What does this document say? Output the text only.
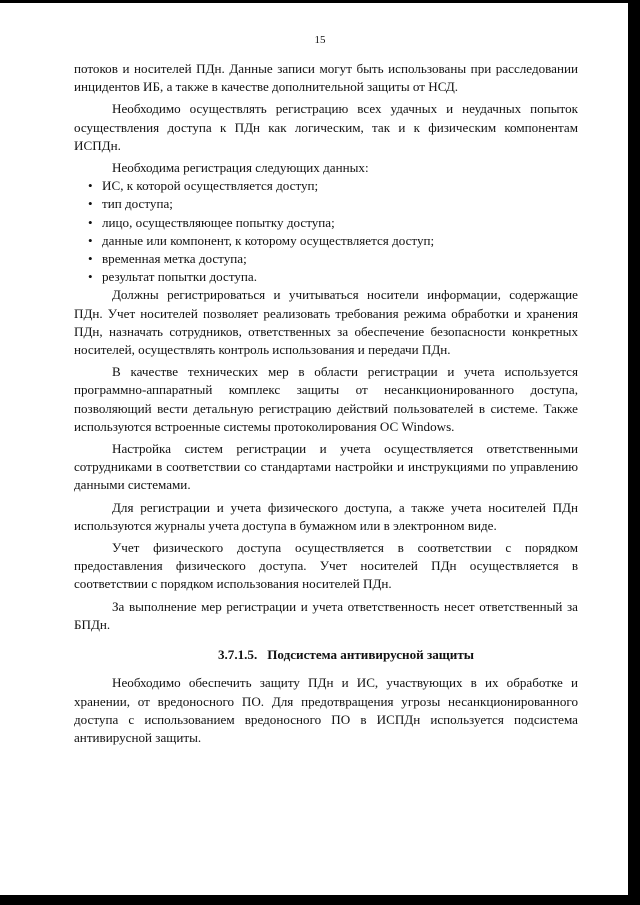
15

потоков и носителей ПДн. Данные записи могут быть использованы при расследовании инцидентов ИБ, а также в качестве дополнительной защиты от НСД.

Необходимо осуществлять регистрацию всех удачных и неудачных попыток осуществления доступа к ПДн как логическим, так и к физическим компонентам ИСПДн.

Необходима регистрация следующих данных:

• ИС, к которой осуществляется доступ;
• тип доступа;
• лицо, осуществляющее попытку доступа;
• данные или компонент, к которому осуществляется доступ;
• временная метка доступа;
• результат попытки доступа.

Должны регистрироваться и учитываться носители информации, содержащие ПДн. Учет носителей позволяет реализовать требования режима обработки и хранения ПДн, назначать сотрудников, ответственных за обеспечение безопасности конкретных носителей, осуществлять контроль использования и передачи ПДн.

В качестве технических мер в области регистрации и учета используется программно-аппаратный комплекс защиты от несанкционированного доступа, позволяющий вести детальную регистрацию действий пользователей в системе. Также используются встроенные системы протоколирования ОС Windows.

Настройка систем регистрации и учета осуществляется ответственными сотрудниками в соответствии со стандартами настройки и инструкциями по управлению данными системами.

Для регистрации и учета физического доступа, а также учета носителей ПДн используются журналы учета доступа в бумажном или в электронном виде.

Учет физического доступа осуществляется в соответствии с порядком предоставления физического доступа. Учет носителей ПДн осуществляется в соответствии с порядком использования носителей ПДн.

За выполнение мер регистрации и учета ответственность несет ответственный за БПДн.

3.7.1.5. Подсистема антивирусной защиты

Необходимо обеспечить защиту ПДн и ИС, участвующих в их обработке и хранении, от вредоносного ПО. Для предотвращения угрозы несанкционированного доступа с использованием вредоносного ПО в ИСПДн используется подсистема антивирусной защиты.
